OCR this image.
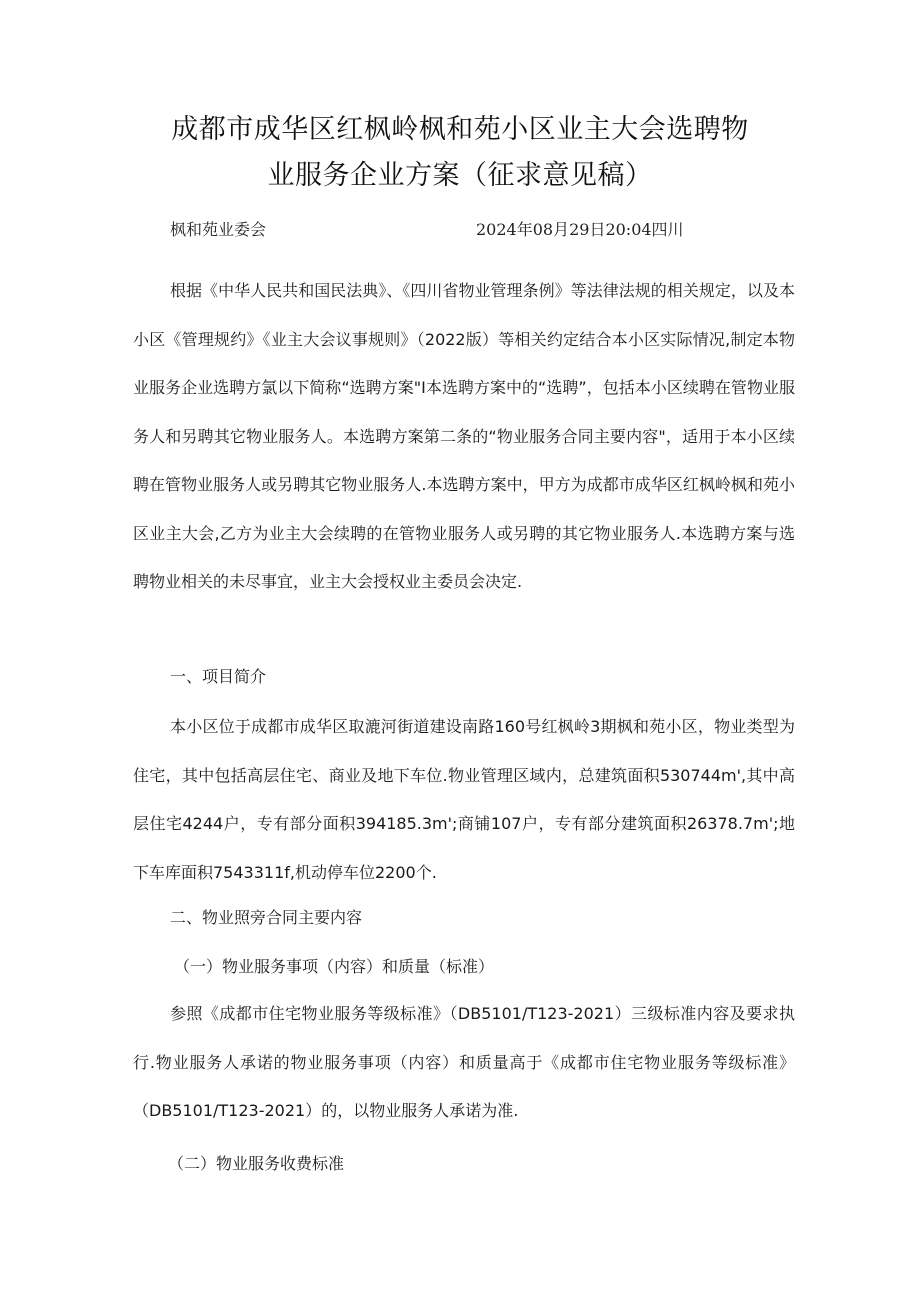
成都市成华区红枫岭枫和苑小区业主大会选聘物
业服务企业方案（征求意见稿）
枫和苑业委会	2024年08月29日20:04四川
根据《中华人民共和国民法典》、《四川省物业管理条例》等法律法规的相关规定，以及本小区《管理规约》《业主大会议事规则》（2022版）等相关约定结合本小区实际情况,制定本物业服务企业选聘方氯以下简称“选聘方案"I本选聘方案中的“选聘”，包括本小区续聘在管物业服务人和另聘其它物业服务人。本选聘方案第二条的“物业服务合同主要内容"，适用于本小区续聘在管物业服务人或另聘其它物业服务人.本选聘方案中，甲方为成都市成华区红枫岭枫和苑小区业主大会,乙方为业主大会续聘的在管物业服务人或另聘的其它物业服务人.本选聘方案与选聘物业相关的未尽事宜，业主大会授权业主委员会决定.
一、项目简介
本小区位于成都市成华区取漉河街道建设南路160号红枫岭3期枫和苑小区，物业类型为住宅，其中包括高层住宅、商业及地下车位.物业管理区域内，总建筑面积530744m',其中高层住宅4244户，专有部分面积394185.3m';商铺107户，专有部分建筑面积26378.7m';地下车库面积7543311f,机动停车位2200个.
二、物业照旁合同主要内容
（一）物业服务事项（内容）和质量（标准）
参照《成都市住宅物业服务等级标准》（DB5101/T123-2021）三级标准内容及要求执行.物业服务人承诺的物业服务事项（内容）和质量高于《成都市住宅物业服务等级标准》（DB5101/T123-2021）的，以物业服务人承诺为准.
（二）物业服务收费标准
